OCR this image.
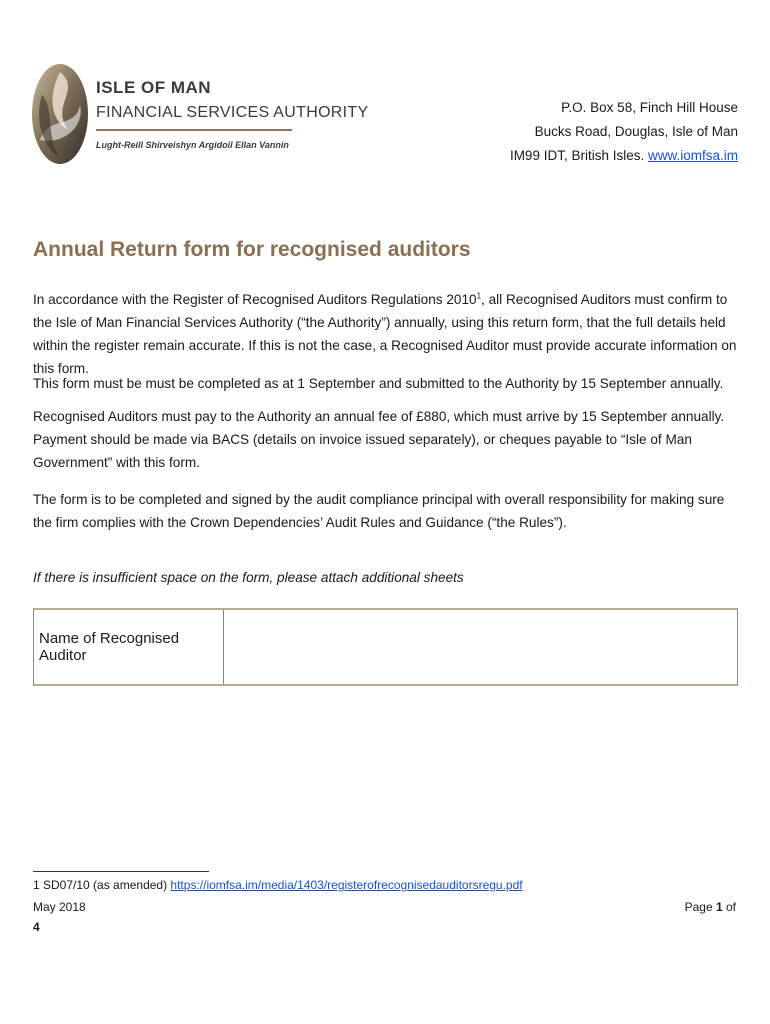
ISLE OF MAN
FINANCIAL SERVICES AUTHORITY
Lught-Reill Shirveishyn Argidoil Ellan Vannin
P.O. Box 58, Finch Hill House
Bucks Road, Douglas, Isle of Man
IM99 IDT, British Isles. www.iomfsa.im
Annual Return form for recognised auditors
In accordance with the Register of Recognised Auditors Regulations 2010$^1$, all Recognised Auditors must confirm to the Isle of Man Financial Services Authority (“the Authority”) annually, using this return form, that the full details held within the register remain accurate. If this is not the case, a Recognised Auditor must provide accurate information on this form.
This form must be must be completed as at 1 September and submitted to the Authority by 15 September annually.
Recognised Auditors must pay to the Authority an annual fee of £880, which must arrive by 15 September annually. Payment should be made via BACS (details on invoice issued separately), or cheques payable to “Isle of Man Government” with this form.
The form is to be completed and signed by the audit compliance principal with overall responsibility for making sure the firm complies with the Crown Dependencies’ Audit Rules and Guidance (“the Rules”).
If there is insufficient space on the form, please attach additional sheets
Name of Recognised Auditor
1 SD07/10 (as amended) https://iomfsa.im/media/1403/registerofrecognisedauditorsregu.pdf
May 2018
4
Page 1 of
